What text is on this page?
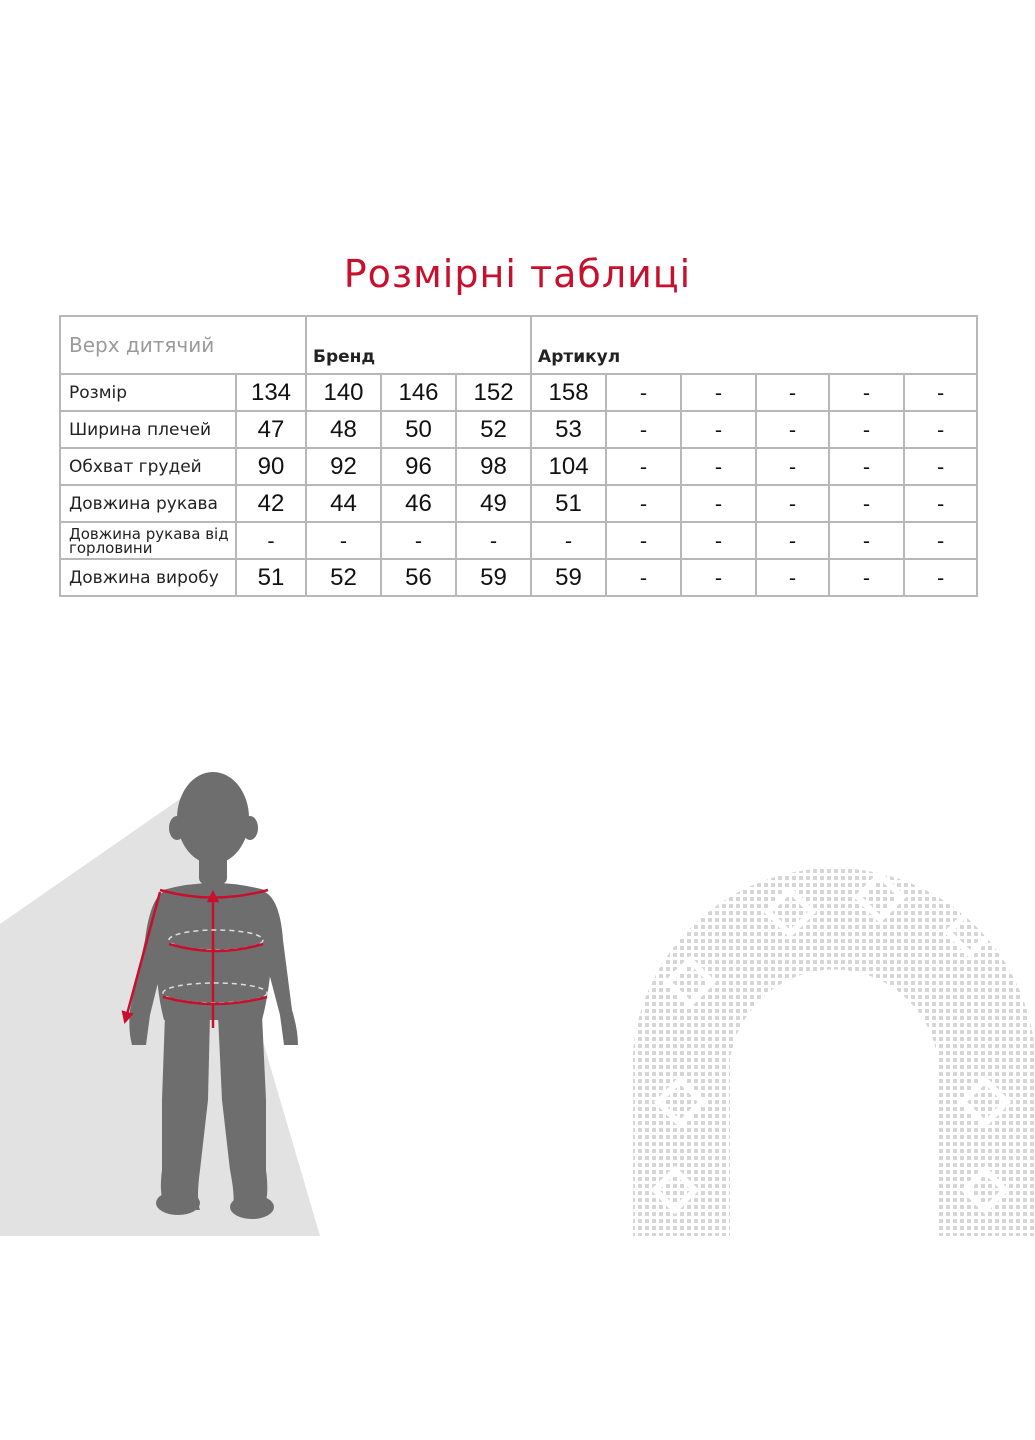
Розмірні таблиці
Верх дитячий		Бренд			Артикул					
Розмір	134	140	146	152	158	-	-	-	-	-
Ширина плечей	47	48	50	52	53	-	-	-	-	-
Обхват грудей	90	92	96	98	104	-	-	-	-	-
Довжина рукава	42	44	46	49	51	-	-	-	-	-
Довжина рукава від горловини	-	-	-	-	-	-	-	-	-	-
Довжина виробу	51	52	56	59	59	-	-	-	-	-
